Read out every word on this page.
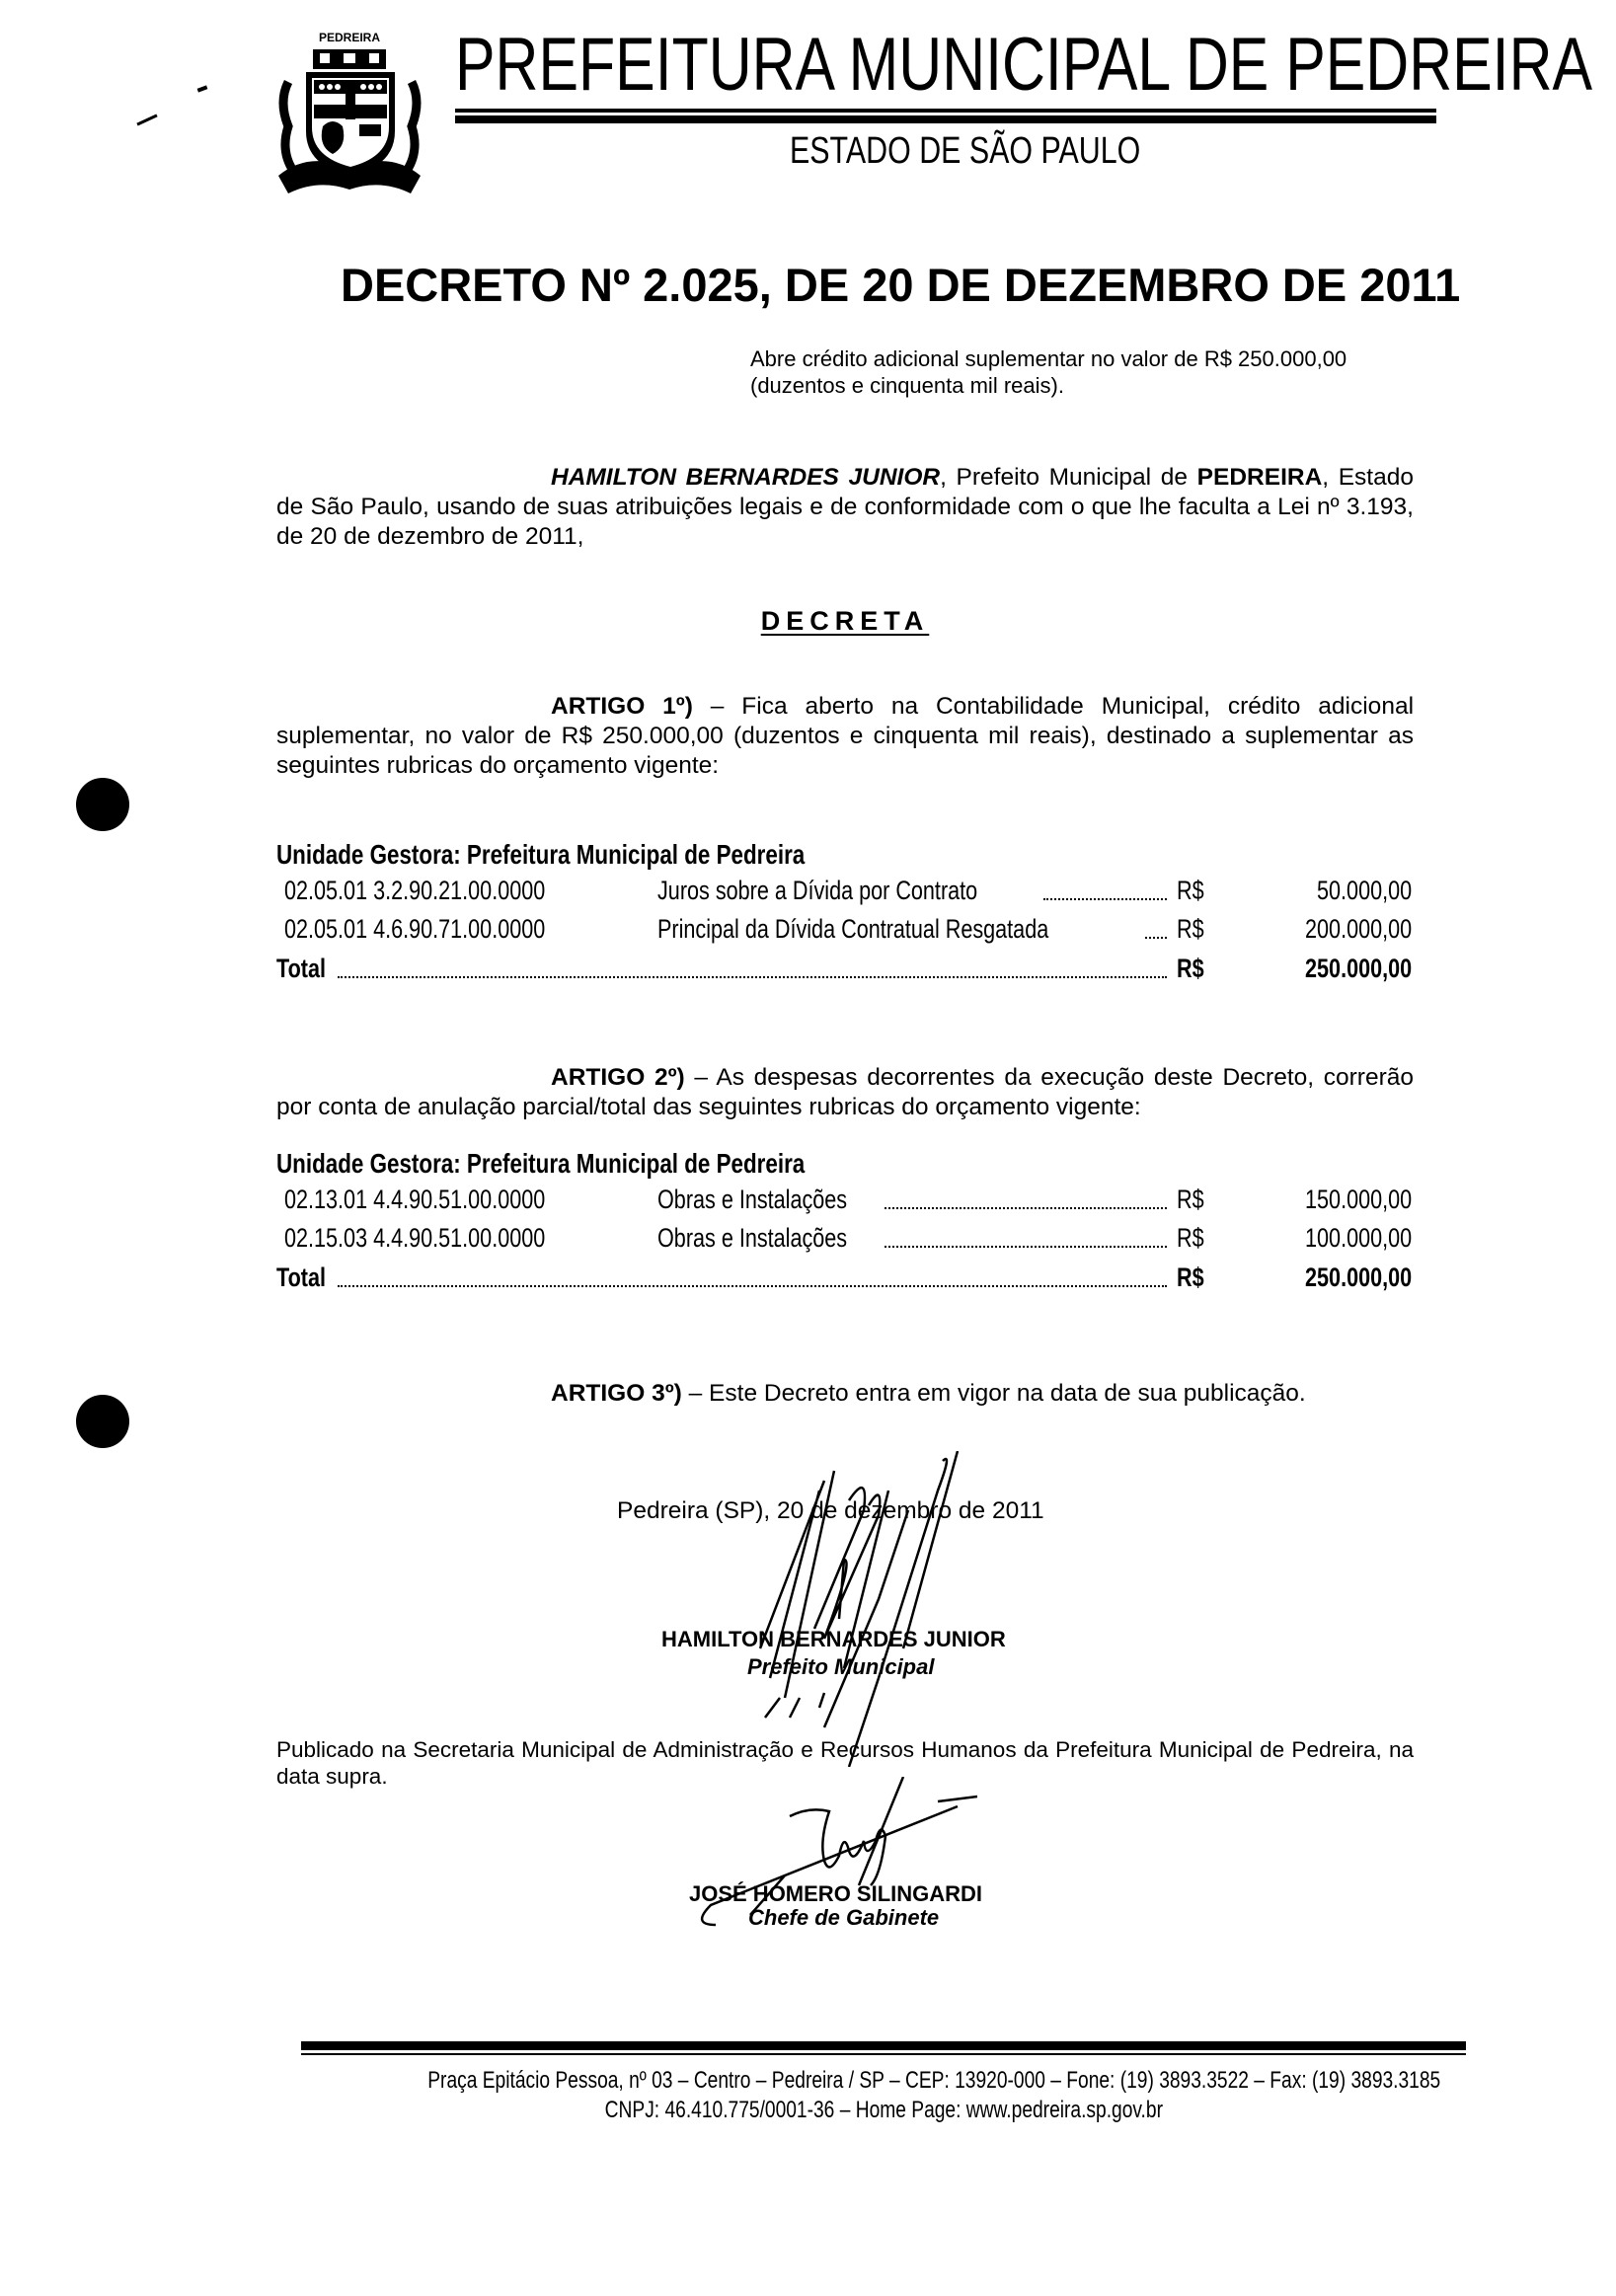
PEDREIRA PREFEITURA MUNICIPAL DE PEDREIRA
ESTADO DE SÃO PAULO
DECRETO Nº 2.025, DE 20 DE DEZEMBRO DE 2011
Abre crédito adicional suplementar no valor de R$ 250.000,00 (duzentos e cinquenta mil reais).
HAMILTON BERNARDES JUNIOR, Prefeito Municipal de PEDREIRA, Estado de São Paulo, usando de suas atribuições legais e de conformidade com o que lhe faculta a Lei nº 3.193, de 20 de dezembro de 2011,
DECRETA
ARTIGO 1º) – Fica aberto na Contabilidade Municipal, crédito adicional suplementar, no valor de R$ 250.000,00 (duzentos e cinquenta mil reais), destinado a suplementar as seguintes rubricas do orçamento vigente:
Unidade Gestora: Prefeitura Municipal de Pedreira
02.05.01 3.2.90.21.00.0000	Juros sobre a Dívida por Contrato	R$	50.000,00
02.05.01 4.6.90.71.00.0000	Principal da Dívida Contratual Resgatada	R$	200.000,00
Total	R$	250.000,00
ARTIGO 2º) – As despesas decorrentes da execução deste Decreto, correrão por conta de anulação parcial/total das seguintes rubricas do orçamento vigente:
Unidade Gestora: Prefeitura Municipal de Pedreira
02.13.01 4.4.90.51.00.0000	Obras e Instalações	R$	150.000,00
02.15.03 4.4.90.51.00.0000	Obras e Instalações	R$	100.000,00
Total	R$	250.000,00
ARTIGO 3º) – Este Decreto entra em vigor na data de sua publicação.
Pedreira (SP), 20 de dezembro de 2011
HAMILTON BERNARDES JUNIOR
Prefeito Municipal
Publicado na Secretaria Municipal de Administração e Recursos Humanos da Prefeitura Municipal de Pedreira, na data supra.
JOSÉ HOMERO SILINGARDI
Chefe de Gabinete
Praça Epitácio Pessoa, nº 03 – Centro – Pedreira / SP – CEP: 13920-000 – Fone: (19) 3893.3522 – Fax: (19) 3893.3185
CNPJ: 46.410.775/0001-36 – Home Page: www.pedreira.sp.gov.br
